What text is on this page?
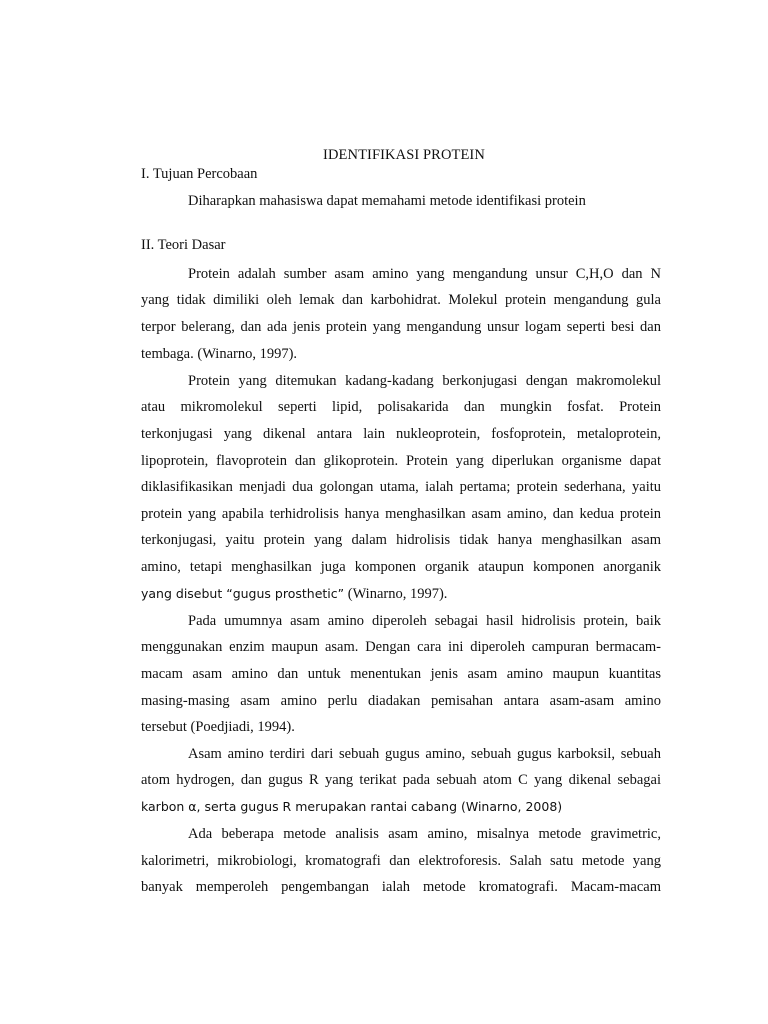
IDENTIFIKASI PROTEIN
I. Tujuan Percobaan
Diharapkan mahasiswa dapat memahami metode identifikasi protein
II. Teori Dasar
Protein adalah sumber asam amino yang mengandung unsur C,H,O dan N
yang tidak dimiliki oleh lemak dan karbohidrat. Molekul protein mengandung gula
terpor belerang, dan ada jenis protein yang mengandung unsur logam seperti besi dan
tembaga. (Winarno, 1997).
Protein yang ditemukan kadang-kadang berkonjugasi dengan makromolekul
atau mikromolekul seperti lipid, polisakarida dan mungkin fosfat. Protein
terkonjugasi yang dikenal antara lain nukleoprotein, fosfoprotein, metaloprotein,
lipoprotein, flavoprotein dan glikoprotein. Protein yang diperlukan organisme dapat
diklasifikasikan menjadi dua golongan utama, ialah pertama; protein sederhana, yaitu
protein yang apabila terhidrolisis hanya menghasilkan asam amino, dan kedua protein
terkonjugasi, yaitu protein yang dalam hidrolisis tidak hanya menghasilkan asam
amino, tetapi menghasilkan juga komponen organik ataupun komponen anorganik
yang disebut “gugus prosthetic” (Winarno, 1997).
Pada umumnya asam amino diperoleh sebagai hasil hidrolisis protein, baik
menggunakan enzim maupun asam. Dengan cara ini diperoleh campuran bermacam-
macam asam amino dan untuk menentukan jenis asam amino maupun kuantitas
masing-masing asam amino perlu diadakan pemisahan antara asam-asam amino
tersebut (Poedjiadi, 1994).
Asam amino terdiri dari sebuah gugus amino, sebuah gugus karboksil, sebuah
atom hydrogen, dan gugus R yang terikat pada sebuah atom C yang dikenal sebagai
karbon α, serta gugus R merupakan rantai cabang (Winarno, 2008)
Ada beberapa metode analisis asam amino, misalnya metode gravimetric,
kalorimetri, mikrobiologi, kromatografi dan elektroforesis. Salah satu metode yang
banyak memperoleh pengembangan ialah metode kromatografi. Macam-macam
